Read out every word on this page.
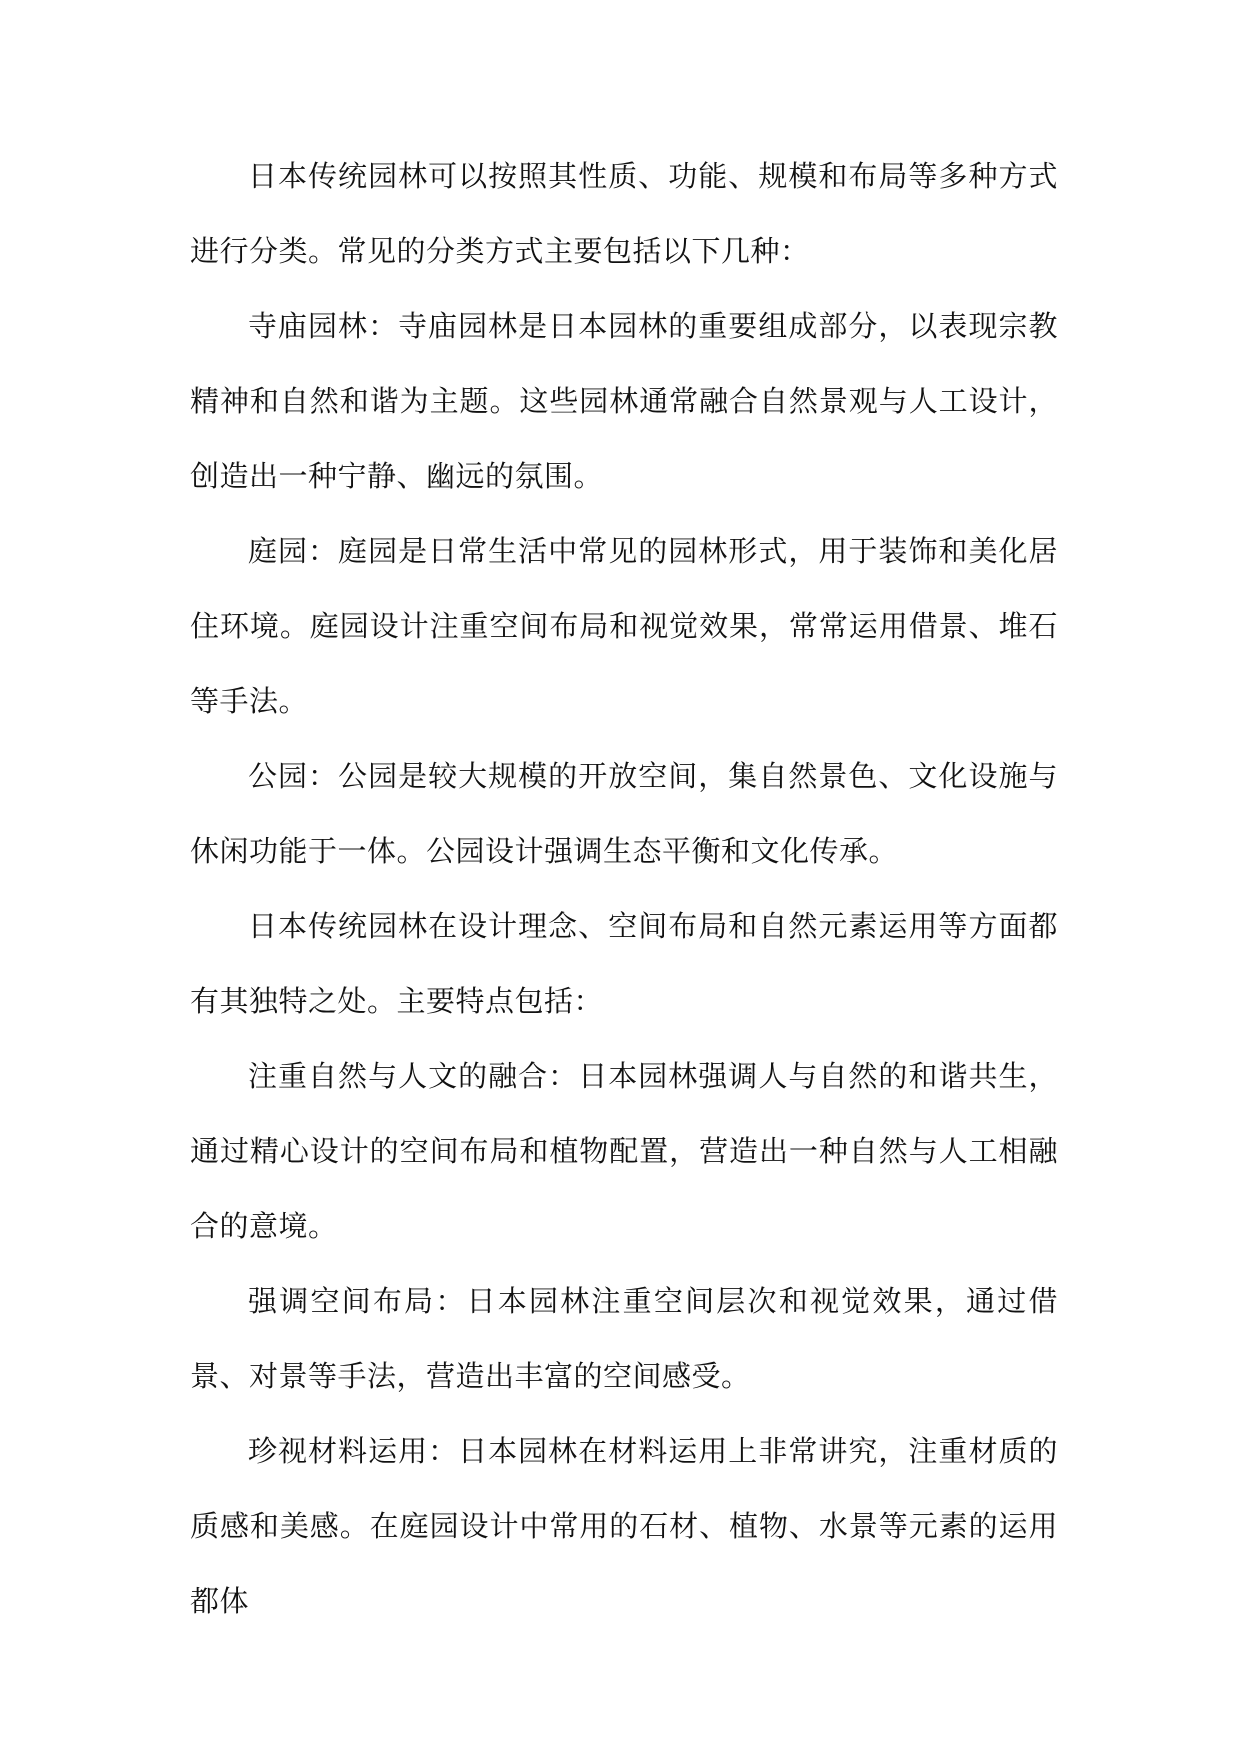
日本传统园林可以按照其性质、功能、规模和布局等多种方式进行分类。常见的分类方式主要包括以下几种：

寺庙园林：寺庙园林是日本园林的重要组成部分，以表现宗教精神和自然和谐为主题。这些园林通常融合自然景观与人工设计，创造出一种宁静、幽远的氛围。

庭园：庭园是日常生活中常见的园林形式，用于装饰和美化居住环境。庭园设计注重空间布局和视觉效果，常常运用借景、堆石等手法。

公园：公园是较大规模的开放空间，集自然景色、文化设施与休闲功能于一体。公园设计强调生态平衡和文化传承。

日本传统园林在设计理念、空间布局和自然元素运用等方面都有其独特之处。主要特点包括：

注重自然与人文的融合：日本园林强调人与自然的和谐共生，通过精心设计的空间布局和植物配置，营造出一种自然与人工相融合的意境。

强调空间布局：日本园林注重空间层次和视觉效果，通过借景、对景等手法，营造出丰富的空间感受。

珍视材料运用：日本园林在材料运用上非常讲究，注重材质的质感和美感。在庭园设计中常用的石材、植物、水景等元素的运用都体
